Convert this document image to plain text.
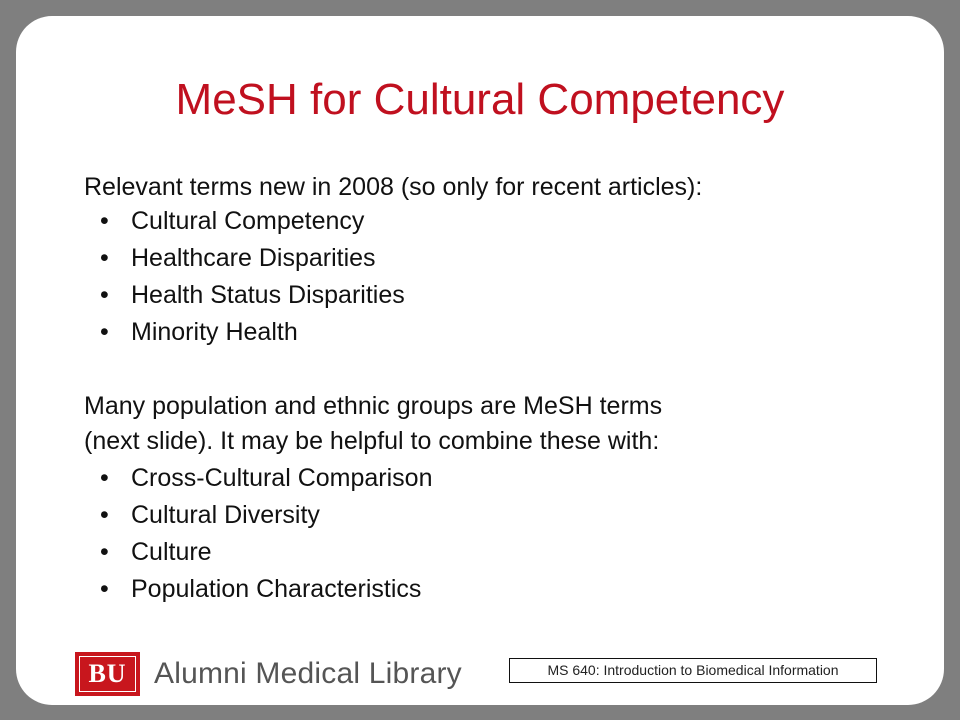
MeSH for Cultural Competency
Relevant terms new in 2008 (so only for recent articles):
• Cultural Competency
• Healthcare Disparities
• Health Status Disparities
• Minority Health
Many population and ethnic groups are MeSH terms
(next slide). It may be helpful to combine these with:
• Cross-Cultural Comparison
• Cultural Diversity
• Culture
• Population Characteristics
BU Alumni Medical Library	MS 640: Introduction to Biomedical Information
